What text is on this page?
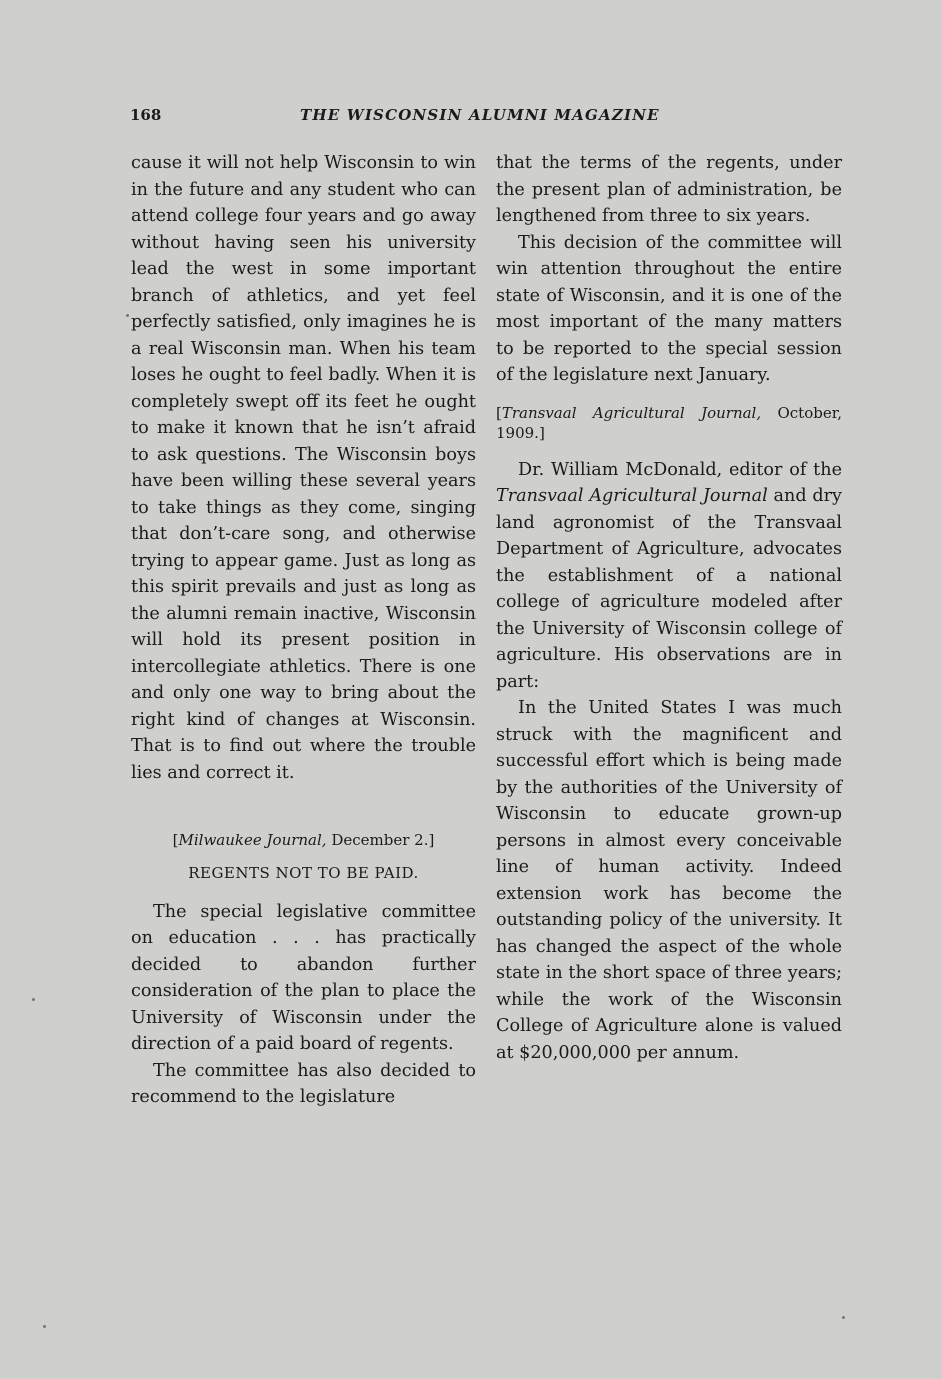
168	THE WISCONSIN ALUMNI MAGAZINE

cause it will not help Wisconsin to win in the future and any student who can attend college four years and go away without having seen his university lead the west in some important branch of athletics, and yet feel perfectly satisfied, only imagines he is a real Wisconsin man. When his team loses he ought to feel badly. When it is completely swept off its feet he ought to make it known that he isn’t afraid to ask questions. The Wisconsin boys have been willing these several years to take things as they come, singing that don’t-care song, and otherwise trying to appear game. Just as long as this spirit prevails and just as long as the alumni remain inactive, Wisconsin will hold its present position in intercollegiate athletics. There is one and only one way to bring about the right kind of changes at Wisconsin. That is to find out where the trouble lies and correct it.

[Milwaukee Journal, December 2.]

REGENTS NOT TO BE PAID.

The special legislative committee on education . . . has practically decided to abandon further consideration of the plan to place the University of Wisconsin under the direction of a paid board of regents.

The committee has also decided to recommend to the legislature

that the terms of the regents, under the present plan of administration, be lengthened from three to six years.

This decision of the committee will win attention throughout the entire state of Wisconsin, and it is one of the most important of the many matters to be reported to the special session of the legislature next January.

[Transvaal Agricultural Journal, October, 1909.]

Dr. William McDonald, editor of the Transvaal Agricultural Journal and dry land agronomist of the Transvaal Department of Agriculture, advocates the establishment of a national college of agriculture modeled after the University of Wisconsin college of agriculture. His observations are in part:

In the United States I was much struck with the magnificent and successful effort which is being made by the authorities of the University of Wisconsin to educate grown-up persons in almost every conceivable line of human activity. Indeed extension work has become the outstanding policy of the university. It has changed the aspect of the whole state in the short space of three years; while the work of the Wisconsin College of Agriculture alone is valued at $20,000,000 per annum.
